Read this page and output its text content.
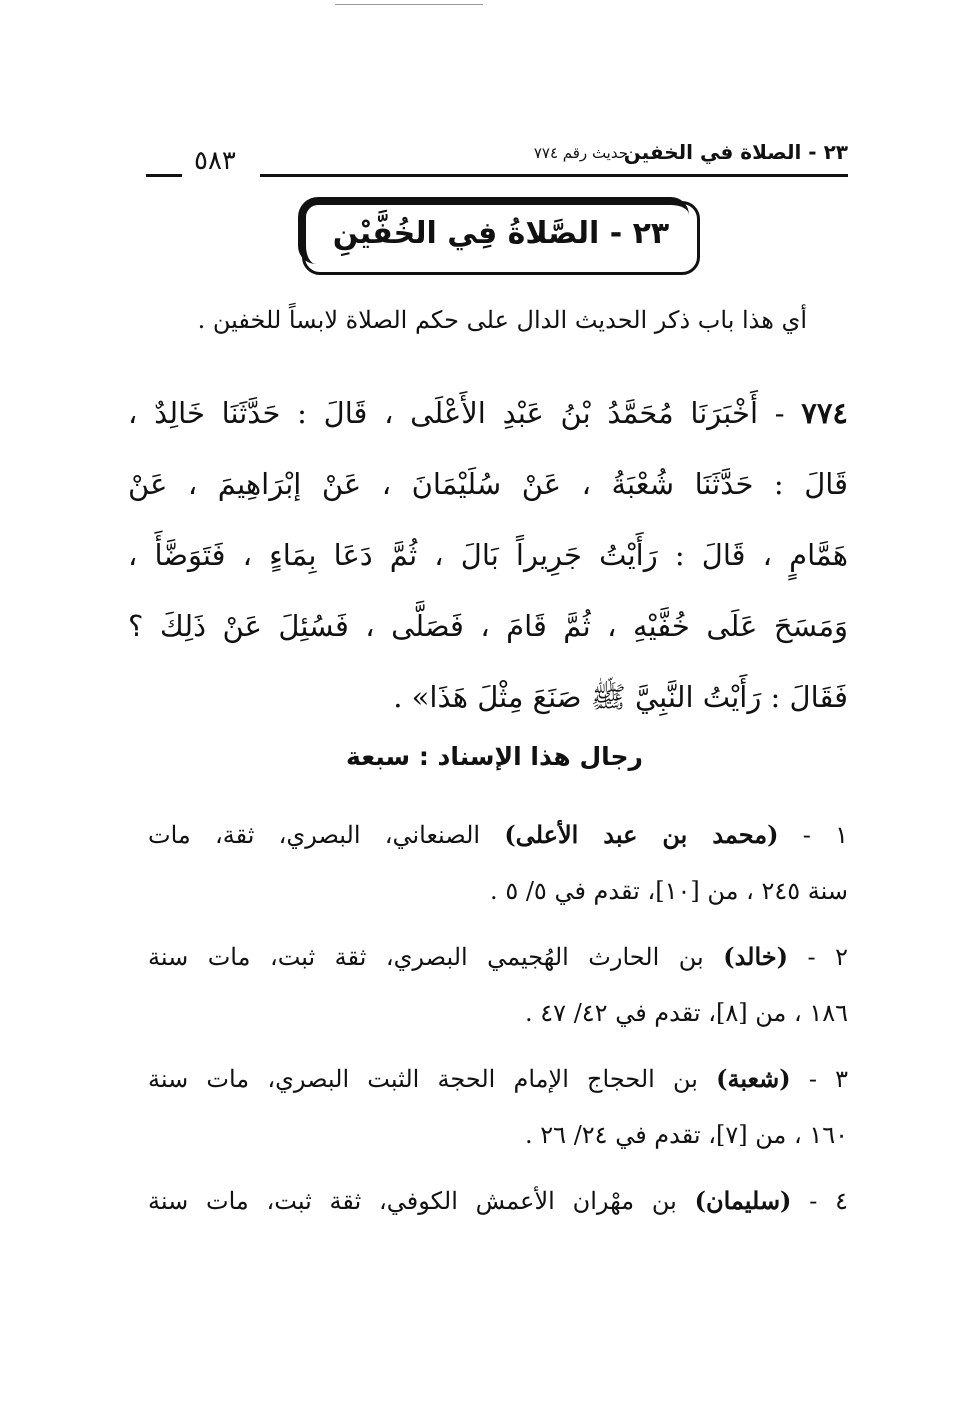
٢٣ - الصلاة في الخفين
حديث رقم ٧٧٤
٥٨٣
٢٣ - الصَّلاةُ فِي الخُفَّيْنِ
أي هذا باب ذكر الحديث الدال على حكم الصلاة لابساً للخفين .
٧٧٤ - أَخْبَرَنَا مُحَمَّدُ بْنُ عَبْدِ الأَعْلَى ، قَالَ : حَدَّثَنَا خَالِدٌ ،
قَالَ : حَدَّثَنَا شُعْبَةُ ، عَنْ سُلَيْمَانَ ، عَنْ إبْرَاهِيمَ ، عَنْ
هَمَّامٍ ، قَالَ : رَأَيْتُ جَرِيراً بَالَ ، ثُمَّ دَعَا بِمَاءٍ ، فَتَوَضَّأَ ،
وَمَسَحَ عَلَى خُفَّيْهِ ، ثُمَّ قَامَ ، فَصَلَّى ، فَسُئِلَ عَنْ ذَلِكَ ؟
فَقَالَ : رَأَيْتُ النَّبِيَّ ﷺ صَنَعَ مِثْلَ هَذَا» .
رجال هذا الإسناد : سبعة
١ - (محمد بن عبد الأعلى) الصنعاني، البصري، ثقة، مات
سنة ٢٤٥ ، من [١٠]، تقدم في ٥/ ٥ .
٢ - (خالد) بن الحارث الهُجيمي البصري، ثقة ثبت، مات سنة
١٨٦ ، من [٨]، تقدم في ٤٢/ ٤٧ .
٣ - (شعبة) بن الحجاج الإمام الحجة الثبت البصري، مات سنة
١٦٠ ، من [٧]، تقدم في ٢٤/ ٢٦ .
٤ - (سليمان) بن مهْران الأعمش الكوفي، ثقة ثبت، مات سنة
